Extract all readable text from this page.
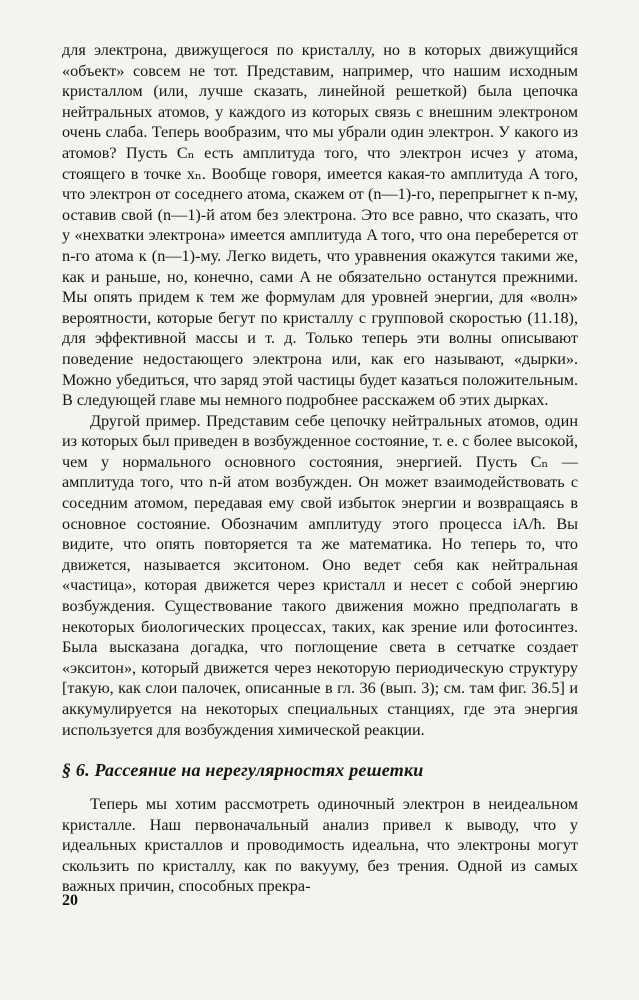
для электрона, движущегося по кристаллу, но в которых движущийся «объект» совсем не тот. Представим, например, что нашим исходным кристаллом (или, лучше сказать, линейной решеткой) была цепочка нейтральных атомов, у каждого из которых связь с внешним электроном очень слаба. Теперь вообразим, что мы убрали один электрон. У какого из атомов? Пусть Cₙ есть амплитуда того, что электрон исчез у атома, стоящего в точке xₙ. Вообще говоря, имеется какая-то амплитуда A того, что электрон от соседнего атома, скажем от (n—1)-го, перепрыгнет к n-му, оставив свой (n—1)-й атом без электрона. Это все равно, что сказать, что у «нехватки электрона» имеется амплитуда A того, что она переберется от n-го атома к (n—1)-му. Легко видеть, что уравнения окажутся такими же, как и раньше, но, конечно, сами A не обязательно останутся прежними. Мы опять придем к тем же формулам для уровней энергии, для «волн» вероятности, которые бегут по кристаллу с групповой скоростью (11.18), для эффективной массы и т. д. Только теперь эти волны описывают поведение недостающего электрона или, как его называют, «дырки». Можно убедиться, что заряд этой частицы будет казаться положительным. В следующей главе мы немного подробнее расскажем об этих дырках.

Другой пример. Представим себе цепочку нейтральных атомов, один из которых был приведен в возбужденное состояние, т. е. с более высокой, чем у нормального основного состояния, энергией. Пусть Cₙ — амплитуда того, что n-й атом возбужден. Он может взаимодействовать с соседним атомом, передавая ему свой избыток энергии и возвращаясь в основное состояние. Обозначим амплитуду этого процесса iA/ħ. Вы видите, что опять повторяется та же математика. Но теперь то, что движется, называется экситоном. Оно ведет себя как нейтральная «частица», которая движется через кристалл и несет с собой энергию возбуждения. Существование такого движения можно предполагать в некоторых биологических процессах, таких, как зрение или фотосинтез. Была высказана догадка, что поглощение света в сетчатке создает «экситон», который движется через некоторую периодическую структуру [такую, как слои палочек, описанные в гл. 36 (вып. 3); см. там фиг. 36.5] и аккумулируется на некоторых специальных станциях, где эта энергия используется для возбуждения химической реакции.

§ 6. Рассеяние на нерегулярностях решетки

Теперь мы хотим рассмотреть одиночный электрон в неидеальном кристалле. Наш первоначальный анализ привел к выводу, что у идеальных кристаллов и проводимость идеальна, что электроны могут скользить по кристаллу, как по вакууму, без трения. Одной из самых важных причин, способных прекра-

20
